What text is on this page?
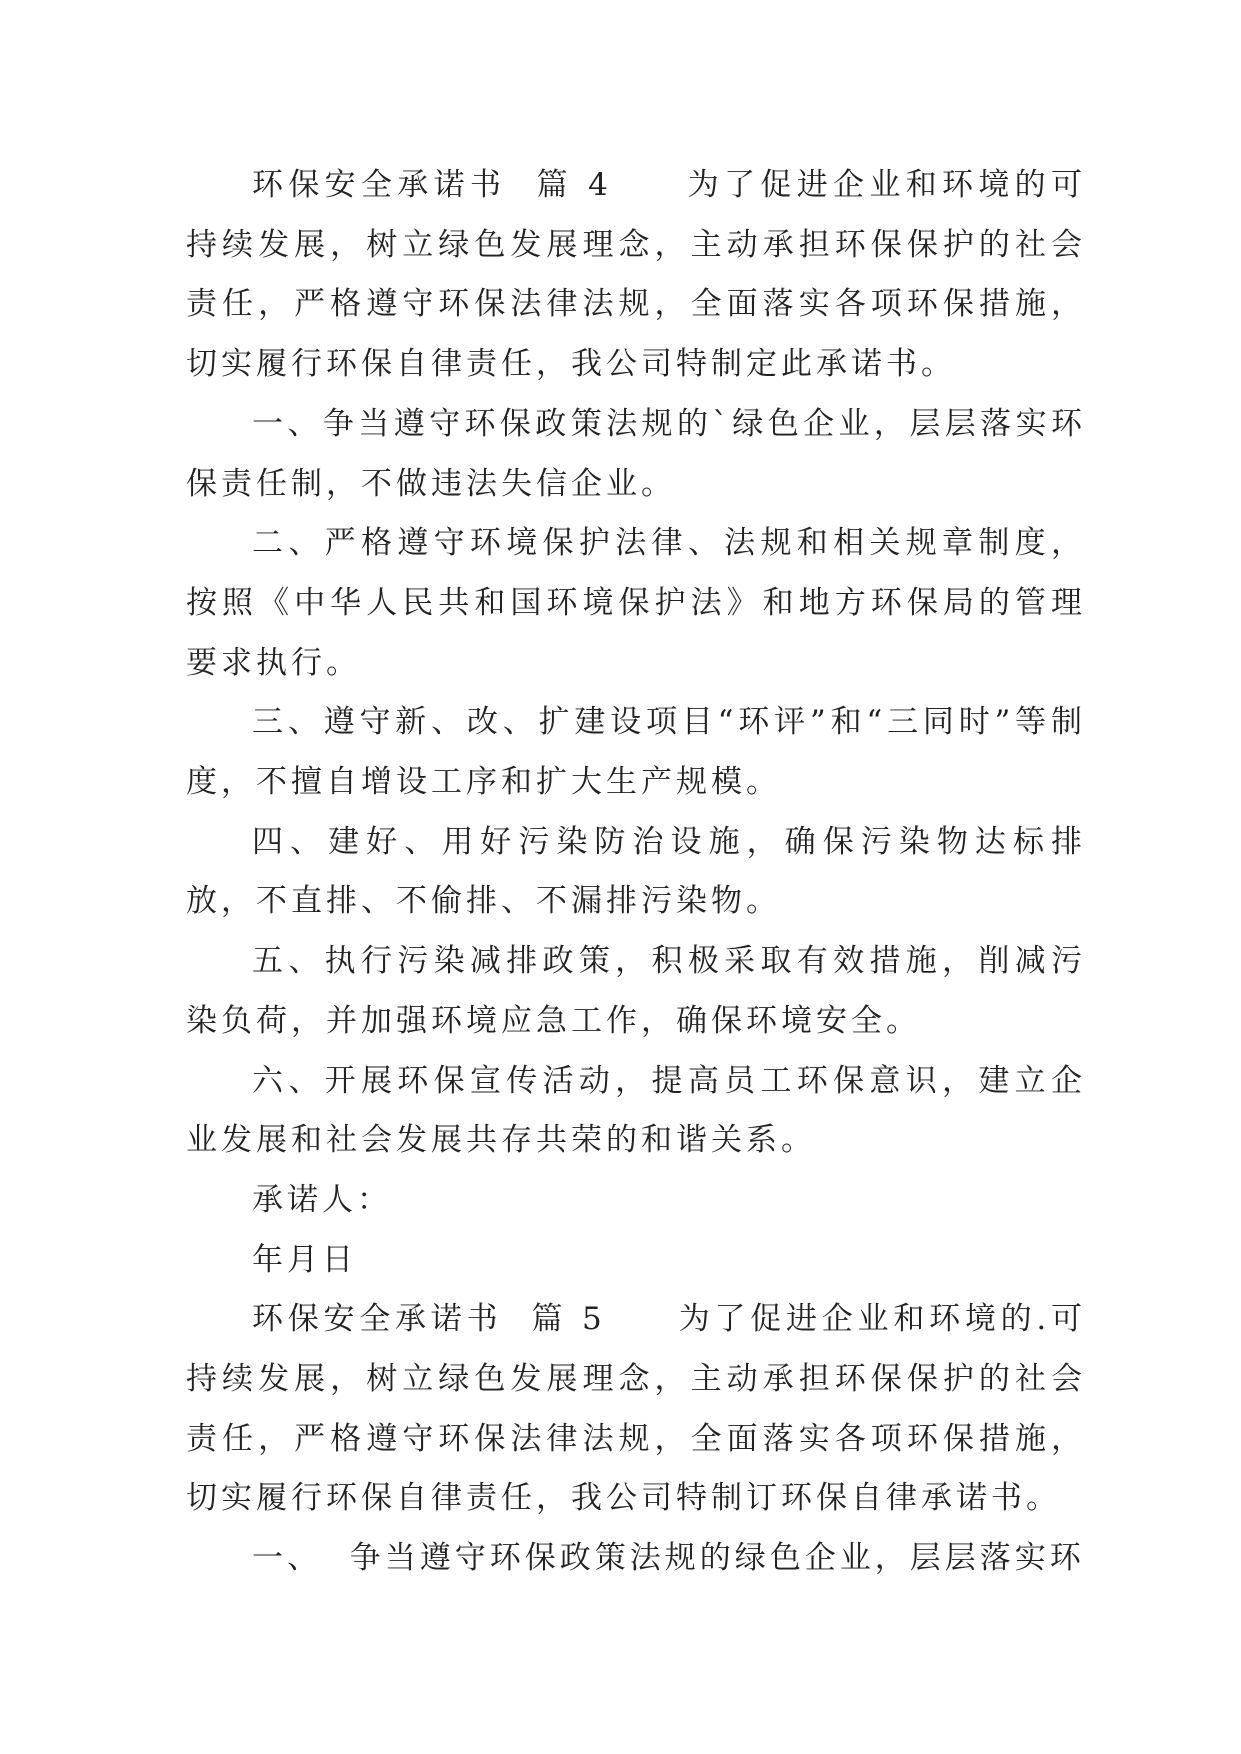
环保安全承诺书  篇 4     为了促进企业和环境的可持续发展，树立绿色发展理念，主动承担环保保护的社会责任，严格遵守环保法律法规，全面落实各项环保措施，切实履行环保自律责任，我公司特制定此承诺书。

一、争当遵守环保政策法规的`绿色企业，层层落实环保责任制，不做违法失信企业。

二、严格遵守环境保护法律、法规和相关规章制度，按照《中华人民共和国环境保护法》和地方环保局的管理要求执行。

三、遵守新、改、扩建设项目“环评”和“三同时”等制度，不擅自增设工序和扩大生产规模。

四、建好、用好污染防治设施，确保污染物达标排放，不直排、不偷排、不漏排污染物。

五、执行污染减排政策，积极采取有效措施，削减污染负荷，并加强环境应急工作，确保环境安全。

六、开展环保宣传活动，提高员工环保意识，建立企业发展和社会发展共存共荣的和谐关系。

承诺人：

年月日

环保安全承诺书  篇 5     为了促进企业和环境的.可持续发展，树立绿色发展理念，主动承担环保保护的社会责任，严格遵守环保法律法规，全面落实各项环保措施，切实履行环保自律责任，我公司特制订环保自律承诺书。

一、  争当遵守环保政策法规的绿色企业，层层落实环
